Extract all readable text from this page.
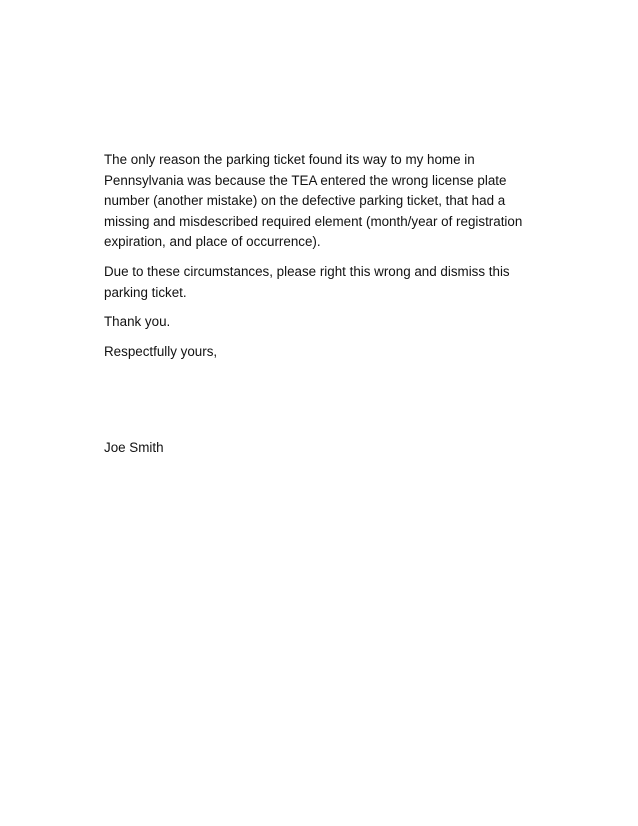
The only reason the parking ticket found its way to my home in Pennsylvania was because the TEA entered the wrong license plate number (another mistake) on the defective parking ticket, that had a missing and misdescribed required element (month/year of registration expiration, and place of occurrence).

Due to these circumstances, please right this wrong and dismiss this parking ticket.

Thank you.

Respectfully yours,

Joe Smith
